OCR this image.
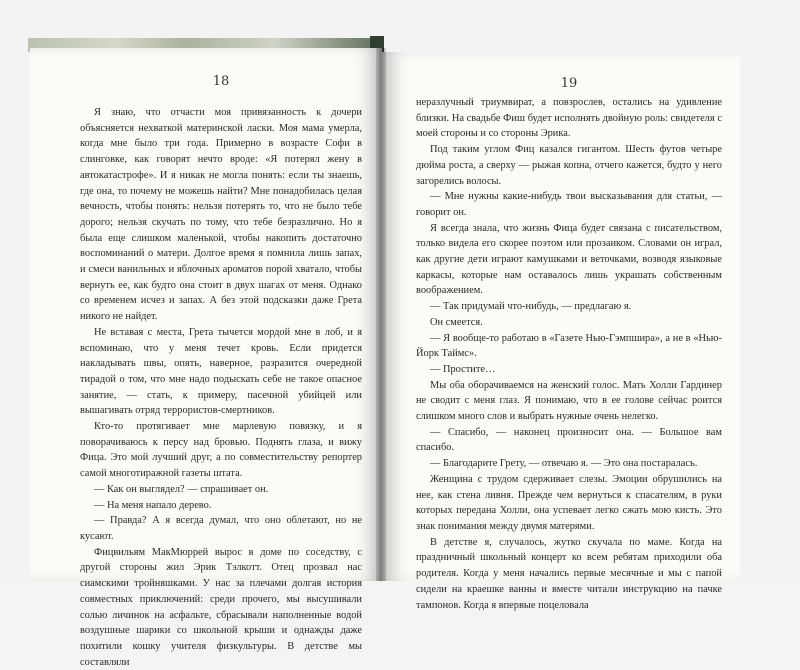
18

Я знаю, что отчасти моя привязанность к дочери объясняется нехваткой материнской ласки. Моя мама умерла, когда мне было три года. Примерно в возрасте Софи в слинговке, как говорят нечто вроде: «Я потерял жену в автокатастрофе». И я никак не могла понять: если ты знаешь, где она, то почему не можешь найти? Мне понадобилась целая вечность, чтобы понять: нельзя потерять то, что не было тебе дорого; нельзя скучать по тому, что тебе безразлично. Но я была еще слишком маленькой, чтобы накопить достаточно воспоминаний о матери. Долгое время я помнила лишь запах, и смеси ванильных и яблочных ароматов порой хватало, чтобы вернуть ее, как будто она стоит в двух шагах от меня. Однако со временем исчез и запах. А без этой подсказки даже Грета никого не найдет.

Не вставая с места, Грета тычется мордой мне в лоб, и я вспоминаю, что у меня течет кровь. Если придется накладывать швы, опять, наверное, разразится очередной тирадой о том, что мне надо подыскать себе не такое опасное занятие, — стать, к примеру, пасечной убийцей или вышагивать отряд террористов-смертников.

Кто-то протягивает мне марлевую повязку, и я поворачиваюсь к персу над бровью. Поднять глаза, и вижу Фица. Это мой лучший друг, а по совместительству репортер самой многотиражной газеты штата.

— Как он выглядел? — спрашивает он.

— На меня напало дерево.

— Правда? А я всегда думал, что оно облетают, но не кусают.

Фицвильям МакМюррей вырос в доме по соседству, с другой стороны жил Эрик Тэлкотт. Отец прозвал нас сиамскими тройняшками. У нас за плечами долгая история совместных приключений: среди прочего, мы высушивали солью личинок на асфальте, сбрасывали наполненные водой воздушные шарики со школьной крыши и однажды даже похитили кошку учителя физкультуры. В детстве мы составляли

19

неразлучный триумвират, а повзрослев, остались на удивление близки. На свадьбе Фиш будет исполнять двойную роль: свидетеля с моей стороны и со стороны Эрика.

Под таким углом Фиц казался гигантом. Шесть футов четыре дюйма роста, а сверху — рыжая копна, отчего кажется, будто у него загорелись волосы.

— Мне нужны какие-нибудь твои высказывания для статьи, — говорит он.

Я всегда знала, что жизнь Фица будет связана с писательством, только видела его скорее поэтом или прозаиком. Словами он играл, как другие дети играют камушками и веточками, возводя языковые каркасы, которые нам оставалось лишь украшать собственным воображением.

— Так придумай что-нибудь, — предлагаю я.

Он смеется.

— Я вообще-то работаю в «Газете Нью-Гэмпшира», а не в «Нью-Йорк Таймс».

— Простите…

Мы оба оборачиваемся на женский голос. Мать Холли Гардинер не сводит с меня глаз. Я понимаю, что в ее голове сейчас роится слишком много слов и выбрать нужные очень нелегко.

— Спасибо, — наконец произносит она. — Большое вам спасибо.

— Благодарите Грету, — отвечаю я. — Это она постаралась.

Женщина с трудом сдерживает слезы. Эмоции обрушились на нее, как стена ливня. Прежде чем вернуться к спасателям, в руки которых передана Холли, она успевает легко сжать мою кисть. Это знак понимания между двумя матерями.

В детстве я, случалось, жутко скучала по маме. Когда на праздничный школьный концерт ко всем ребятам приходили оба родителя. Когда у меня начались первые месячные и мы с папой сидели на краешке ванны и вместе читали инструкцию на пачке тампонов. Когда я впервые поцеловала
